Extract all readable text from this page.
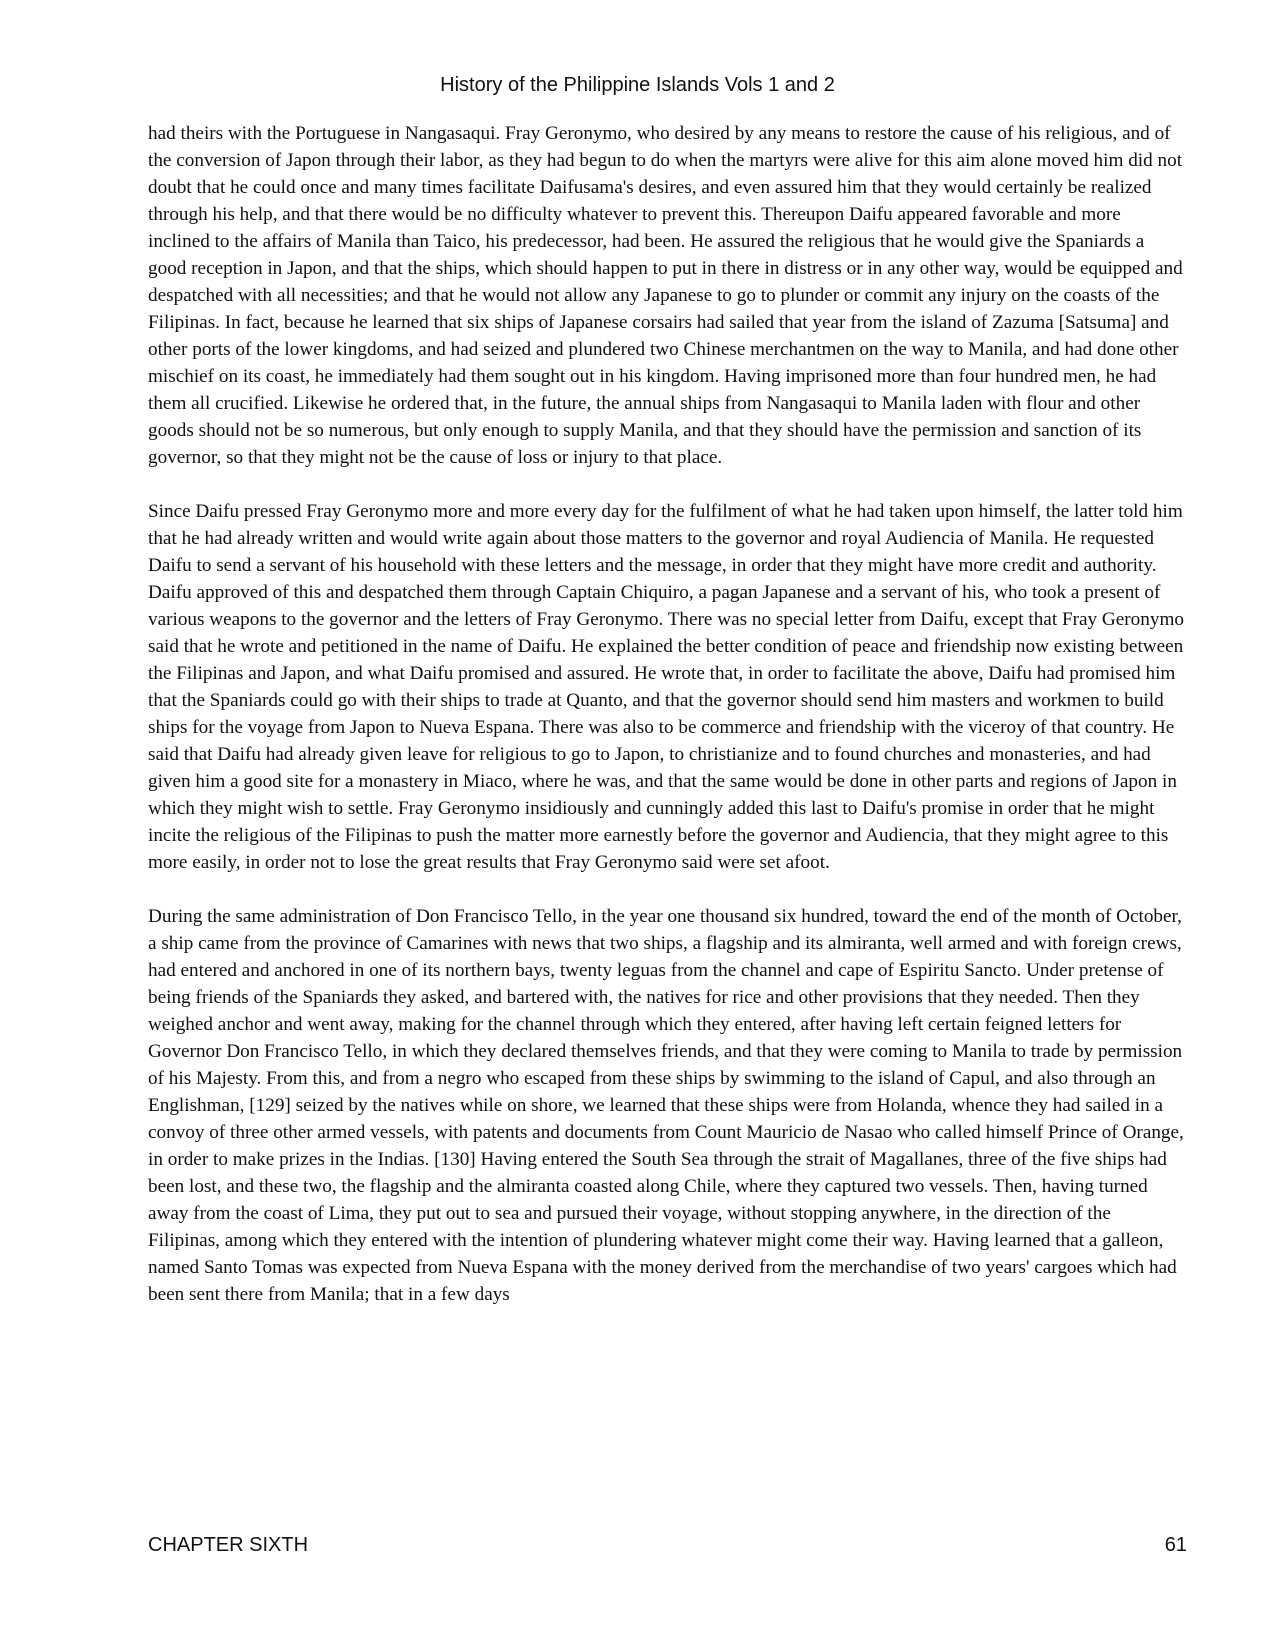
History of the Philippine Islands Vols 1 and 2

had theirs with the Portuguese in Nangasaqui. Fray Geronymo, who desired by any means to restore the cause of his religious, and of the conversion of Japon through their labor, as they had begun to do when the martyrs were alive for this aim alone moved him did not doubt that he could once and many times facilitate Daifusama's desires, and even assured him that they would certainly be realized through his help, and that there would be no difficulty whatever to prevent this. Thereupon Daifu appeared favorable and more inclined to the affairs of Manila than Taico, his predecessor, had been. He assured the religious that he would give the Spaniards a good reception in Japon, and that the ships, which should happen to put in there in distress or in any other way, would be equipped and despatched with all necessities; and that he would not allow any Japanese to go to plunder or commit any injury on the coasts of the Filipinas. In fact, because he learned that six ships of Japanese corsairs had sailed that year from the island of Zazuma [Satsuma] and other ports of the lower kingdoms, and had seized and plundered two Chinese merchantmen on the way to Manila, and had done other mischief on its coast, he immediately had them sought out in his kingdom. Having imprisoned more than four hundred men, he had them all crucified. Likewise he ordered that, in the future, the annual ships from Nangasaqui to Manila laden with flour and other goods should not be so numerous, but only enough to supply Manila, and that they should have the permission and sanction of its governor, so that they might not be the cause of loss or injury to that place.

Since Daifu pressed Fray Geronymo more and more every day for the fulfilment of what he had taken upon himself, the latter told him that he had already written and would write again about those matters to the governor and royal Audiencia of Manila. He requested Daifu to send a servant of his household with these letters and the message, in order that they might have more credit and authority. Daifu approved of this and despatched them through Captain Chiquiro, a pagan Japanese and a servant of his, who took a present of various weapons to the governor and the letters of Fray Geronymo. There was no special letter from Daifu, except that Fray Geronymo said that he wrote and petitioned in the name of Daifu. He explained the better condition of peace and friendship now existing between the Filipinas and Japon, and what Daifu promised and assured. He wrote that, in order to facilitate the above, Daifu had promised him that the Spaniards could go with their ships to trade at Quanto, and that the governor should send him masters and workmen to build ships for the voyage from Japon to Nueva Espana. There was also to be commerce and friendship with the viceroy of that country. He said that Daifu had already given leave for religious to go to Japon, to christianize and to found churches and monasteries, and had given him a good site for a monastery in Miaco, where he was, and that the same would be done in other parts and regions of Japon in which they might wish to settle. Fray Geronymo insidiously and cunningly added this last to Daifu's promise in order that he might incite the religious of the Filipinas to push the matter more earnestly before the governor and Audiencia, that they might agree to this more easily, in order not to lose the great results that Fray Geronymo said were set afoot.

During the same administration of Don Francisco Tello, in the year one thousand six hundred, toward the end of the month of October, a ship came from the province of Camarines with news that two ships, a flagship and its almiranta, well armed and with foreign crews, had entered and anchored in one of its northern bays, twenty leguas from the channel and cape of Espiritu Sancto. Under pretense of being friends of the Spaniards they asked, and bartered with, the natives for rice and other provisions that they needed. Then they weighed anchor and went away, making for the channel through which they entered, after having left certain feigned letters for Governor Don Francisco Tello, in which they declared themselves friends, and that they were coming to Manila to trade by permission of his Majesty. From this, and from a negro who escaped from these ships by swimming to the island of Capul, and also through an Englishman, [129] seized by the natives while on shore, we learned that these ships were from Holanda, whence they had sailed in a convoy of three other armed vessels, with patents and documents from Count Mauricio de Nasao who called himself Prince of Orange, in order to make prizes in the Indias. [130] Having entered the South Sea through the strait of Magallanes, three of the five ships had been lost, and these two, the flagship and the almiranta coasted along Chile, where they captured two vessels. Then, having turned away from the coast of Lima, they put out to sea and pursued their voyage, without stopping anywhere, in the direction of the Filipinas, among which they entered with the intention of plundering whatever might come their way. Having learned that a galleon, named Santo Tomas was expected from Nueva Espana with the money derived from the merchandise of two years' cargoes which had been sent there from Manila; that in a few days

CHAPTER SIXTH	61
